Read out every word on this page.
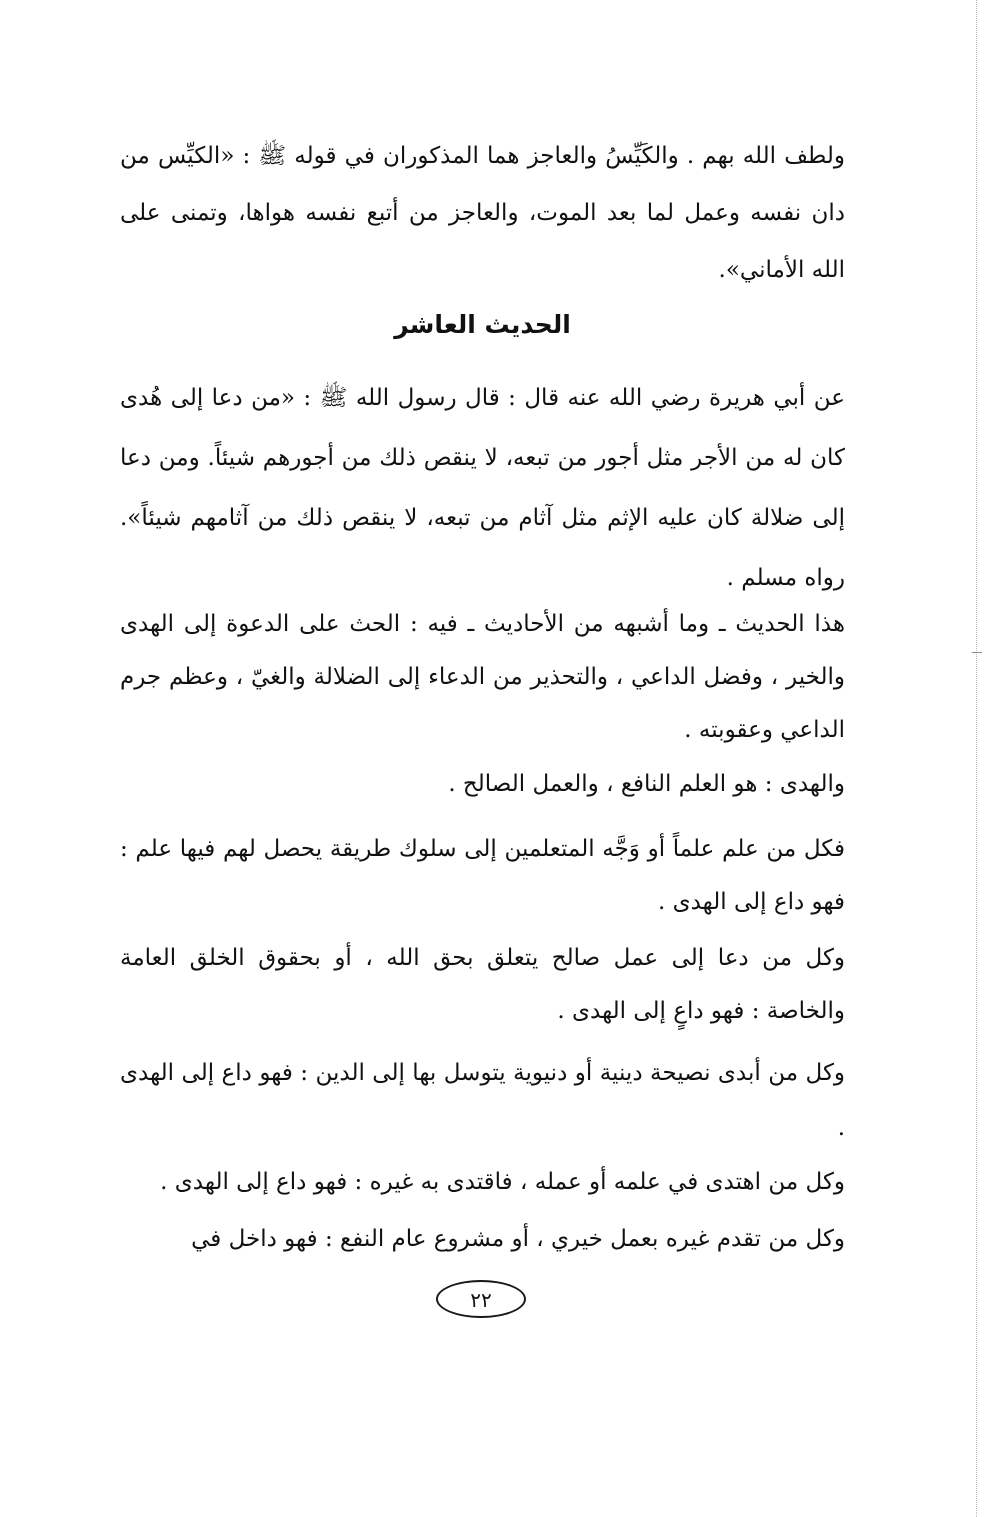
ولطف الله بهم . والكَيِّسُ والعاجز هما المذكوران في قوله ﷺ : «الكيِّس من دان نفسه وعمل لما بعد الموت، والعاجز من أتبع نفسه هواها، وتمنى على الله الأماني».

الحديث العاشر

عن أبي هريرة رضي الله عنه قال : قال رسول الله ﷺ : «من دعا إلى هُدى كان له من الأجر مثل أجور من تبعه، لا ينقص ذلك من أجورهم شيئاً. ومن دعا إلى ضلالة كان عليه الإثم مثل آثام من تبعه، لا ينقص ذلك من آثامهم شيئاً». رواه مسلم .

هذا الحديث ـ وما أشبهه من الأحاديث ـ فيه : الحث على الدعوة إلى الهدى والخير ، وفضل الداعي ، والتحذير من الدعاء إلى الضلالة والغيّ ، وعظم جرم الداعي وعقوبته .

والهدى : هو العلم النافع ، والعمل الصالح .

فكل من علم علماً أو وَجَّه المتعلمين إلى سلوك طريقة يحصل لهم فيها علم : فهو داع إلى الهدى .

وكل من دعا إلى عمل صالح يتعلق بحق الله ، أو بحقوق الخلق العامة والخاصة : فهو داعٍ إلى الهدى .

وكل من أبدى نصيحة دينية أو دنيوية يتوسل بها إلى الدين : فهو داع إلى الهدى .

وكل من اهتدى في علمه أو عمله ، فاقتدى به غيره : فهو داع إلى الهدى .

وكل من تقدم غيره بعمل خيري ، أو مشروع عام النفع : فهو داخل في

٢٢
